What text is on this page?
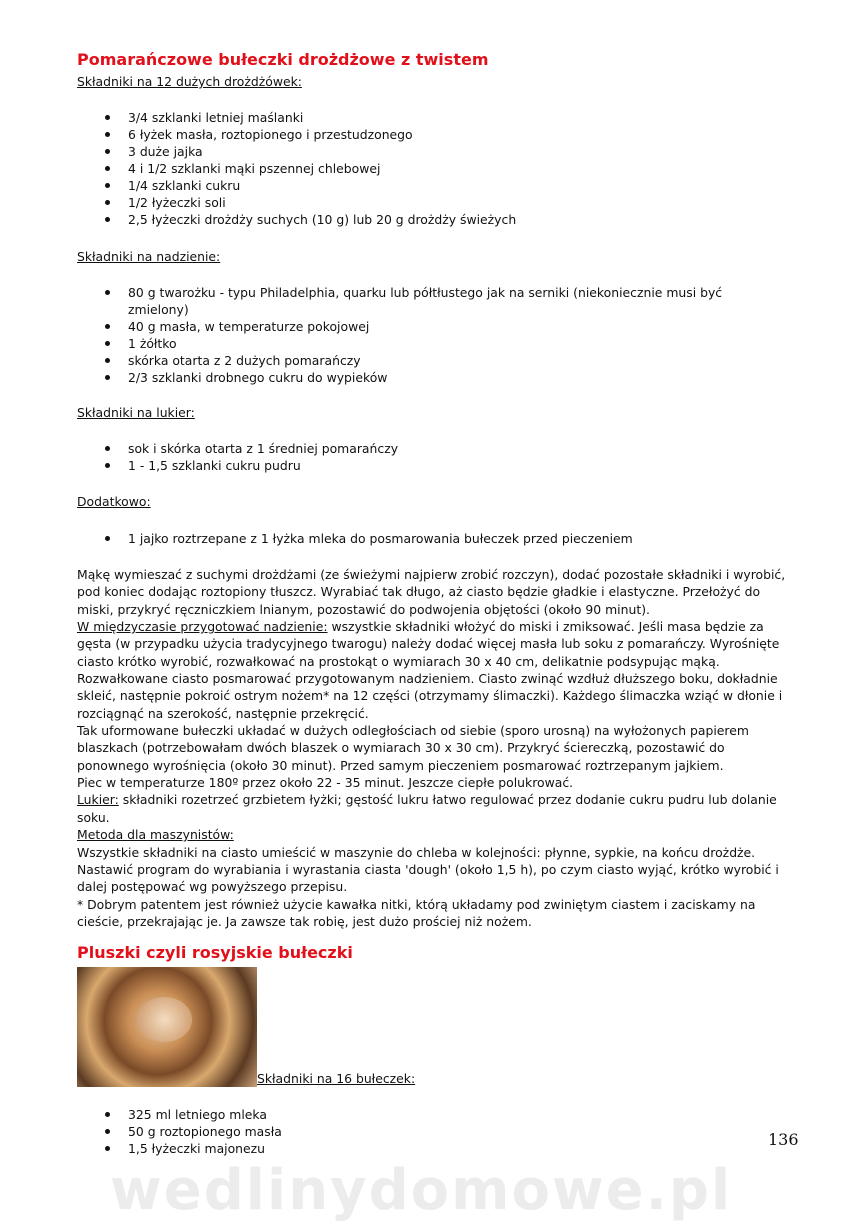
Pomarańczowe bułeczki drożdżowe z twistem
Składniki na 12 dużych drożdżówek:
3/4 szklanki letniej maślanki
6 łyżek masła, roztopionego i przestudzonego
3 duże jajka
4 i 1/2 szklanki mąki pszennej chlebowej
1/4 szklanki cukru
1/2 łyżeczki soli
2,5 łyżeczki drożdży suchych (10 g) lub 20 g drożdży świeżych
Składniki na nadzienie:
80 g twarożku - typu Philadelphia, quarku lub półtłustego jak na serniki (niekoniecznie musi być zmielony)
40 g masła, w temperaturze pokojowej
1 żółtko
skórka otarta z 2 dużych pomarańczy
2/3 szklanki drobnego cukru do wypieków
Składniki na lukier:
sok i skórka otarta z 1 średniej pomarańczy
1 - 1,5 szklanki cukru pudru
Dodatkowo:
1 jajko roztrzepane z 1 łyżka mleka do posmarowania bułeczek przed pieczeniem

Mąkę wymieszać z suchymi drożdżami (ze świeżymi najpierw zrobić rozczyn), dodać pozostałe składniki i wyrobić, pod koniec dodając roztopiony tłuszcz. Wyrabiać tak długo, aż ciasto będzie gładkie i elastyczne. Przełożyć do miski, przykryć ręczniczkiem lnianym, pozostawić do podwojenia objętości (około 90 minut).

W międzyczasie przygotować nadzienie: wszystkie składniki włożyć do miski i zmiksować. Jeśli masa będzie za gęsta (w przypadku użycia tradycyjnego twarogu) należy dodać więcej masła lub soku z pomarańczy. Wyrośnięte ciasto krótko wyrobić, rozwałkować na prostokąt o wymiarach 30 x 40 cm, delikatnie podsypując mąką. Rozwałkowane ciasto posmarować przygotowanym nadzieniem. Ciasto zwinąć wzdłuż dłuższego boku, dokładnie skleić, następnie pokroić ostrym nożem* na 12 części (otrzymamy ślimaczki). Każdego ślimaczka wziąć w dłonie i rozciągnąć na szerokość, następnie przekręcić.

Tak uformowane bułeczki układać w dużych odległościach od siebie (sporo urosną) na wyłożonych papierem blaszkach (potrzebowałam dwóch blaszek o wymiarach 30 x 30 cm). Przykryć ściereczką, pozostawić do ponownego wyrośnięcia (około 30 minut). Przed samym pieczeniem posmarować roztrzepanym jajkiem.

Piec w temperaturze 180º przez około 22 - 35 minut. Jeszcze ciepłe polukrować.

Lukier: składniki rozetrzeć grzbietem łyżki; gęstość lukru łatwo regulować przez dodanie cukru pudru lub dolanie soku.

Metoda dla maszynistów:

Wszystkie składniki na ciasto umieścić w maszynie do chleba w kolejności: płynne, sypkie, na końcu drożdże. Nastawić program do wyrabiania i wyrastania ciasta 'dough' (około 1,5 h), po czym ciasto wyjąć, krótko wyrobić i dalej postępować wg powyższego przepisu.

* Dobrym patentem jest również użycie kawałka nitki, którą układamy pod zwiniętym ciastem i zaciskamy na cieście, przekrajając je. Ja zawsze tak robię, jest dużo prościej niż nożem.

Pluszki czyli rosyjskie bułeczki
Składniki na 16 bułeczek:
325 ml letniego mleka
50 g roztopionego masła
1,5 łyżeczki majonezu
wedlinydomowe.pl
136
